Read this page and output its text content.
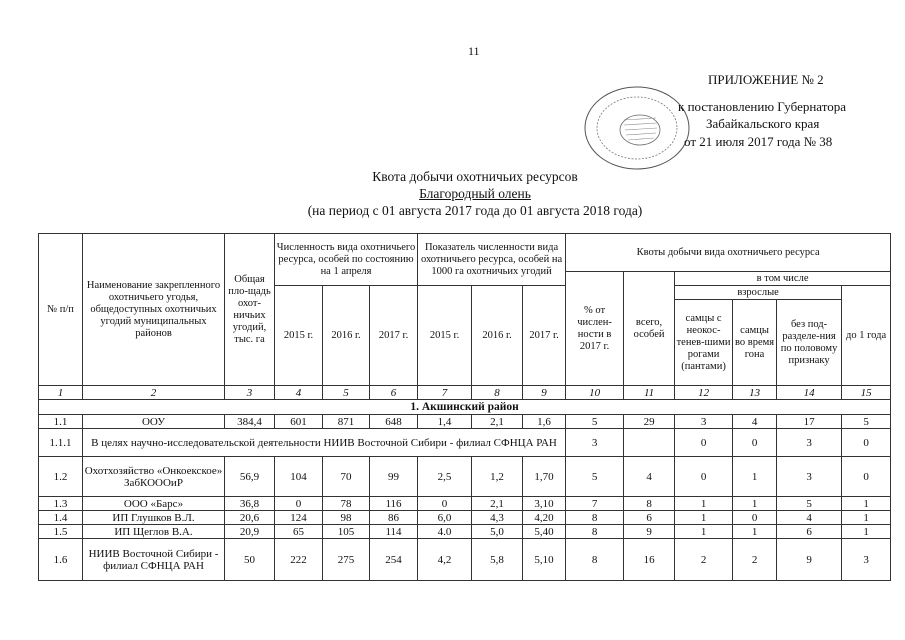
11
ПРИЛОЖЕНИЕ № 2
к постановлению Губернатора
Забайкальского края
от 21 июля 2017 года № 38
Квота добычи охотничьих ресурсов
Благородный олень
(на период с 01 августа 2017 года до 01 августа 2018 года)
№ п/п	Наименование закрепленного охотничьего угодья, общедоступных охотничьих угодий муниципальных районов	Общая пло-щадь охот-ничьих угодий, тыс. га	Численность вида охотничьего ресурса, особей по состоянию на 1 апреля			Показатель численности вида охотничьего ресурса, особей на 1000 га охотничьих угодий			Квоты добычи вида охотничьего ресурса					
									% от числен-ности в 2017 г.	всего, особей	в том числе			
			2015 г.	2016 г.	2017 г.	2015 г.	2016 г.	2017 г.			взрослые			до 1 года
											самцы с неокос-тенев-шими рогами (пантами)	самцы во время гона	без под-разделе-ния по половому признаку	
1	2	3	4	5	6	7	8	9	10	11	12	13	14	15
1. Акшинский район														
1.1	ООУ	384,4	601	871	648	1,4	2,1	1,6	5	29	3	4	17	5
1.1.1	В целях научно-исследовательской деятельности НИИВ Восточной Сибири - филиал СФНЦА РАН								3		0	0	3	0
1.2	Охотхозяйство «Онкоекское» ЗабКОООиР	56,9	104	70	99	2,5	1,2	1,70	5	4	0	1	3	0
1.3	ООО «Барс»	36,8	0	78	116	0	2,1	3,10	7	8	1	1	5	1
1.4	ИП Глушков В.Л.	20,6	124	98	86	6,0	4,3	4,20	8	6	1	0	4	1
1.5	ИП Щеглов В.А.	20,9	65	105	114	4.0	5,0	5,40	8	9	1	1	6	1
1.6	НИИВ Восточной Сибири - филиал СФНЦА РАН	50	222	275	254	4,2	5,8	5,10	8	16	2	2	9	3
